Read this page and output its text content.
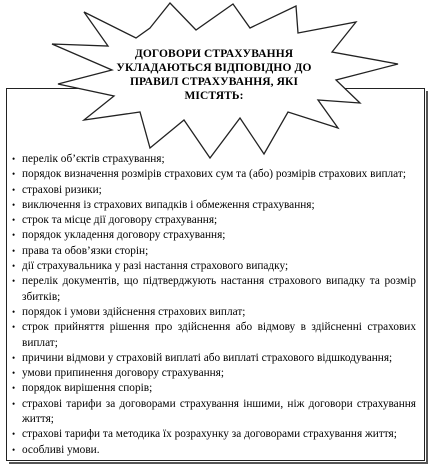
ДОГОВОРИ СТРАХУВАННЯ
УКЛАДАЮТЬСЯ ВІДПОВІДНО ДО
ПРАВИЛ СТРАХУВАННЯ, ЯКІ
МІСТЯТЬ:
• перелік об’єктів страхування;
• порядок визначення розмірів страхових сум та (або) розмірів страхових виплат;
• страхові ризики;
• виключення із страхових випадків і обмеження страхування;
• строк та місце дії договору страхування;
• порядок укладення договору страхування;
• права та обов’язки сторін;
• дії страхувальника у разі настання страхового випадку;
• перелік документів, що підтверджують настання страхового випадку та розмір збитків;
• порядок і умови здійснення страхових виплат;
• строк прийняття рішення про здійснення або відмову в здійсненні страхових виплат;
• причини відмови у страховій виплаті або виплаті страхового відшкодування;
• умови припинення договору страхування;
• порядок вирішення спорів;
• страхові тарифи за договорами страхування іншими, ніж договори страхування життя;
• страхові тарифи та методика їх розрахунку за договорами страхування життя;
• особливі умови.
